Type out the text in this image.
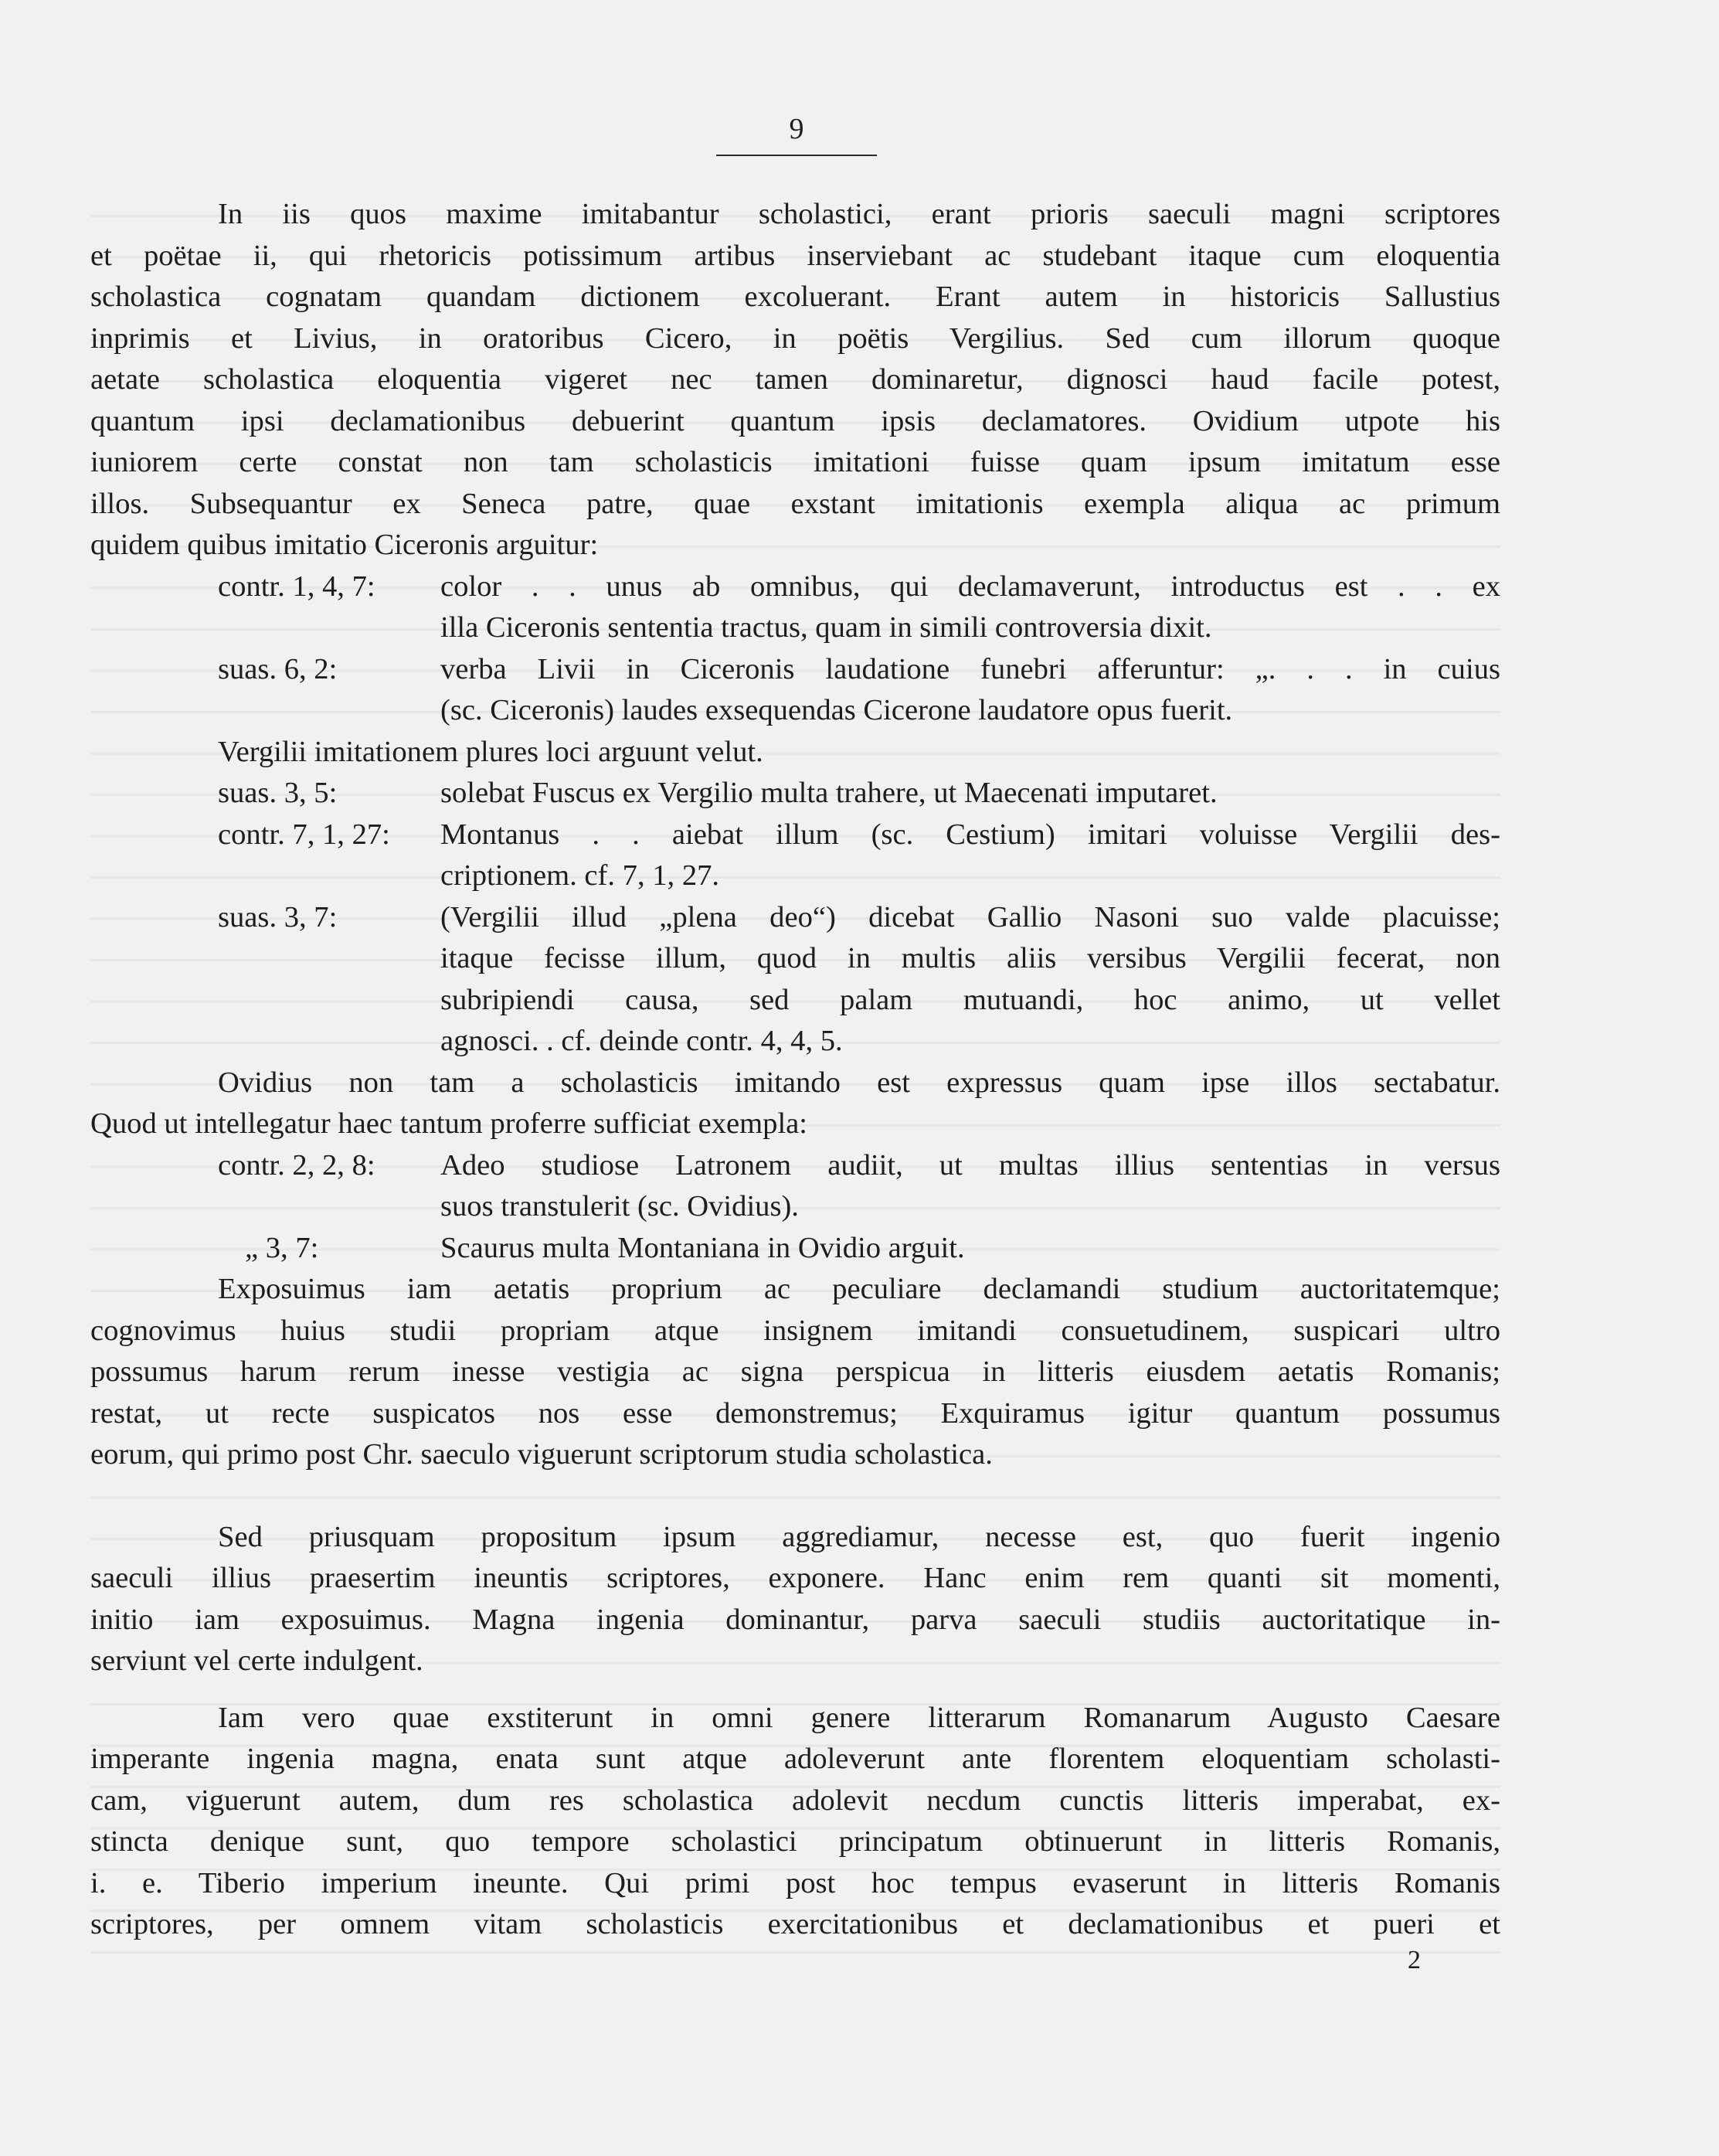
9
In iis quos maxime imitabantur scholastici, erant prioris saeculi magni scriptores
et poëtae ii, qui rhetoricis potissimum artibus inserviebant ac studebant itaque cum eloquentia
scholastica cognatam quandam dictionem excoluerant. Erant autem in historicis Sallustius
inprimis et Livius, in oratoribus Cicero, in poëtis Vergilius. Sed cum illorum quoque
aetate scholastica eloquentia vigeret nec tamen dominaretur, dignosci haud facile potest,
quantum ipsi declamationibus debuerint quantum ipsis declamatores. Ovidium utpote his
iuniorem certe constat non tam scholasticis imitationi fuisse quam ipsum imitatum esse
illos. Subsequantur ex Seneca patre, quae exstant imitationis exempla aliqua ac primum
quidem quibus imitatio Ciceronis arguitur:
contr. 1, 4, 7:	color . . unus ab omnibus, qui declamaverunt, introductus est . . ex
illa Ciceronis sententia tractus, quam in simili controversia dixit.
suas. 6, 2:	verba Livii in Ciceronis laudatione funebri afferuntur: „. . . in cuius
(sc. Ciceronis) laudes exsequendas Cicerone laudatore opus fuerit.
Vergilii imitationem plures loci arguunt velut.
suas. 3, 5:	solebat Fuscus ex Vergilio multa trahere, ut Maecenati imputaret.
contr. 7, 1, 27:	Montanus . . aiebat illum (sc. Cestium) imitari voluisse Vergilii des-
criptionem. cf. 7, 1, 27.
suas. 3, 7:	(Vergilii illud „plena deo“) dicebat Gallio Nasoni suo valde placuisse;
itaque fecisse illum, quod in multis aliis versibus Vergilii fecerat, non
subripiendi causa, sed palam mutuandi, hoc animo, ut vellet
agnosci. . cf. deinde contr. 4, 4, 5.
Ovidius non tam a scholasticis imitando est expressus quam ipse illos sectabatur.
Quod ut intellegatur haec tantum proferre sufficiat exempla:
contr. 2, 2, 8:	Adeo studiose Latronem audiit, ut multas illius sententias in versus
suos transtulerit (sc. Ovidius).
„ 3, 7:	Scaurus multa Montaniana in Ovidio arguit.
Exposuimus iam aetatis proprium ac peculiare declamandi studium auctoritatemque;
cognovimus huius studii propriam atque insignem imitandi consuetudinem, suspicari ultro
possumus harum rerum inesse vestigia ac signa perspicua in litteris eiusdem aetatis Romanis;
restat, ut recte suspicatos nos esse demonstremus; Exquiramus igitur quantum possumus
eorum, qui primo post Chr. saeculo viguerunt scriptorum studia scholastica.
Sed priusquam propositum ipsum aggrediamur, necesse est, quo fuerit ingenio
saeculi illius praesertim ineuntis scriptores, exponere. Hanc enim rem quanti sit momenti,
initio iam exposuimus. Magna ingenia dominantur, parva saeculi studiis auctoritatique in-
serviunt vel certe indulgent.
Iam vero quae exstiterunt in omni genere litterarum Romanarum Augusto Caesare
imperante ingenia magna, enata sunt atque adoleverunt ante florentem eloquentiam scholasti-
cam, viguerunt autem, dum res scholastica adolevit necdum cunctis litteris imperabat, ex-
stincta denique sunt, quo tempore scholastici principatum obtinuerunt in litteris Romanis,
i. e. Tiberio imperium ineunte. Qui primi post hoc tempus evaserunt in litteris Romanis
scriptores, per omnem vitam scholasticis exercitationibus et declamationibus et pueri et
2
